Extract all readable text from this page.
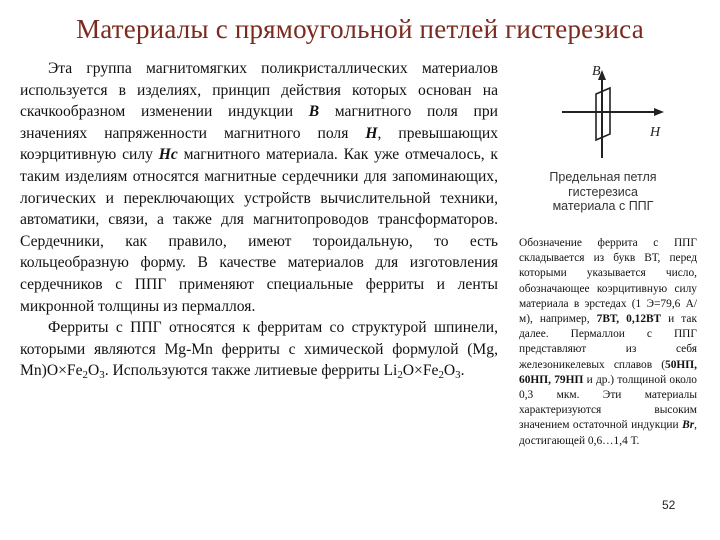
Материалы с прямоугольной петлей гистерезиса

Эта группа магнитомягких поликристаллических материалов используется в изделиях, принцип действия которых основан на скачкообразном изменении индукции B магнитного поля при значениях напряженности магнитного поля H, превышающих коэрцитивную силу Hc магнитного материала. Как уже отмечалось, к таким изделиям относятся магнитные сердечники для запоминающих, логических и переключающих устройств вычислительной техники, автоматики, связи, а также для магнитопроводов трансформаторов. Сердечники, как правило, имеют тороидальную, то есть кольцеобразную форму. В качестве материалов для изготовления сердечников с ППГ применяют специальные ферриты и ленты микронной толщины из пермаллоя.

Ферриты с ППГ относятся к ферритам со структурой шпинели, которыми являются Mg-Mn ферриты с химической формулой (Mg, $Mn)O\times Fe_2O_3$. Используются также литиевые ферриты $Li_2O\times Fe_2O_3$.

B
H
Предельная петля гистерезиса материала с ППГ

Обозначение феррита с ППГ складывается из букв ВТ, перед которыми указывается число, обозначающее коэрцитивную силу материала в эрстедах (1 Э=79,6 А/м), например, 7ВТ, 0,12ВТ и так далее. Пермаллои с ППГ представляют из себя железоникелевых сплавов (50НП, 60НП, 79НП и др.) толщиной около 0,3 мкм. Эти материалы характеризуются высоким значением остаточной индукции Br, достигающей 0,6…1,4 Т.

52
